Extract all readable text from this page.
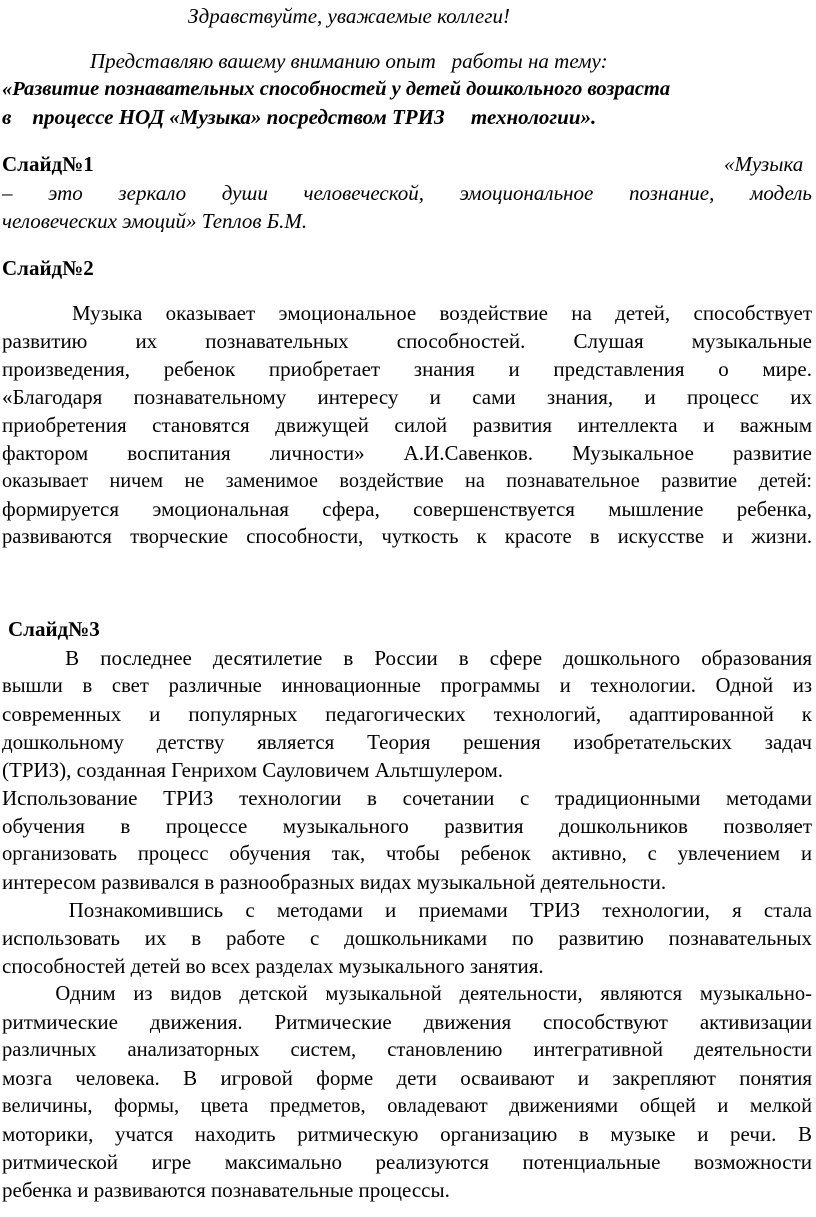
Здравствуйте, уважаемые коллеги!
Представляю вашему вниманию опыт   работы на тему:
«Развитие познавательных способностей у детей дошкольного возраста
в    процессе НОД «Музыка» посредством ТРИЗ     технологии».
Слайд№1	«Музыка
– это зеркало души человеческой, эмоциональное познание, модель
человеческих эмоций» Теплов Б.М.
Слайд№2
Музыка оказывает эмоциональное воздействие на детей, способствует
развитию их познавательных способностей. Слушая музыкальные
произведения, ребенок приобретает знания и представления о мире.
«Благодаря познавательному интересу и сами знания, и процесс их
приобретения становятся движущей силой развития интеллекта и важным
фактором воспитания личности» А.И.Савенков. Музыкальное развитие
оказывает ничем не заменимое воздействие на познавательное развитие детей:
формируется эмоциональная сфера, совершенствуется мышление ребенка,
развиваются творческие способности, чуткость к красоте в искусстве и жизни.
Слайд№3
В последнее десятилетие в России в сфере дошкольного образования
вышли в свет различные инновационные программы и технологии. Одной из
современных и популярных педагогических технологий, адаптированной к
дошкольному детству является Теория решения изобретательских задач
(ТРИЗ), созданная Генрихом Сауловичем Альтшулером.
Использование ТРИЗ технологии в сочетании с традиционными методами
обучения в процессе музыкального развития дошкольников позволяет
организовать процесс обучения так, чтобы ребенок активно, с увлечением и
интересом развивался в разнообразных видах музыкальной деятельности.
Познакомившись с методами и приемами ТРИЗ технологии, я стала
использовать их в работе с дошкольниками по развитию познавательных
способностей детей во всех разделах музыкального занятия.
Одним из видов детской музыкальной деятельности, являются музыкально-
ритмические движения. Ритмические движения способствуют активизации
различных анализаторных систем, становлению интегративной деятельности
мозга человека. В игровой форме дети осваивают и закрепляют понятия
величины, формы, цвета предметов, овладевают движениями общей и мелкой
моторики, учатся находить ритмическую организацию в музыке и речи. В
ритмической игре максимально реализуются потенциальные возможности
ребенка и развиваются познавательные процессы.
